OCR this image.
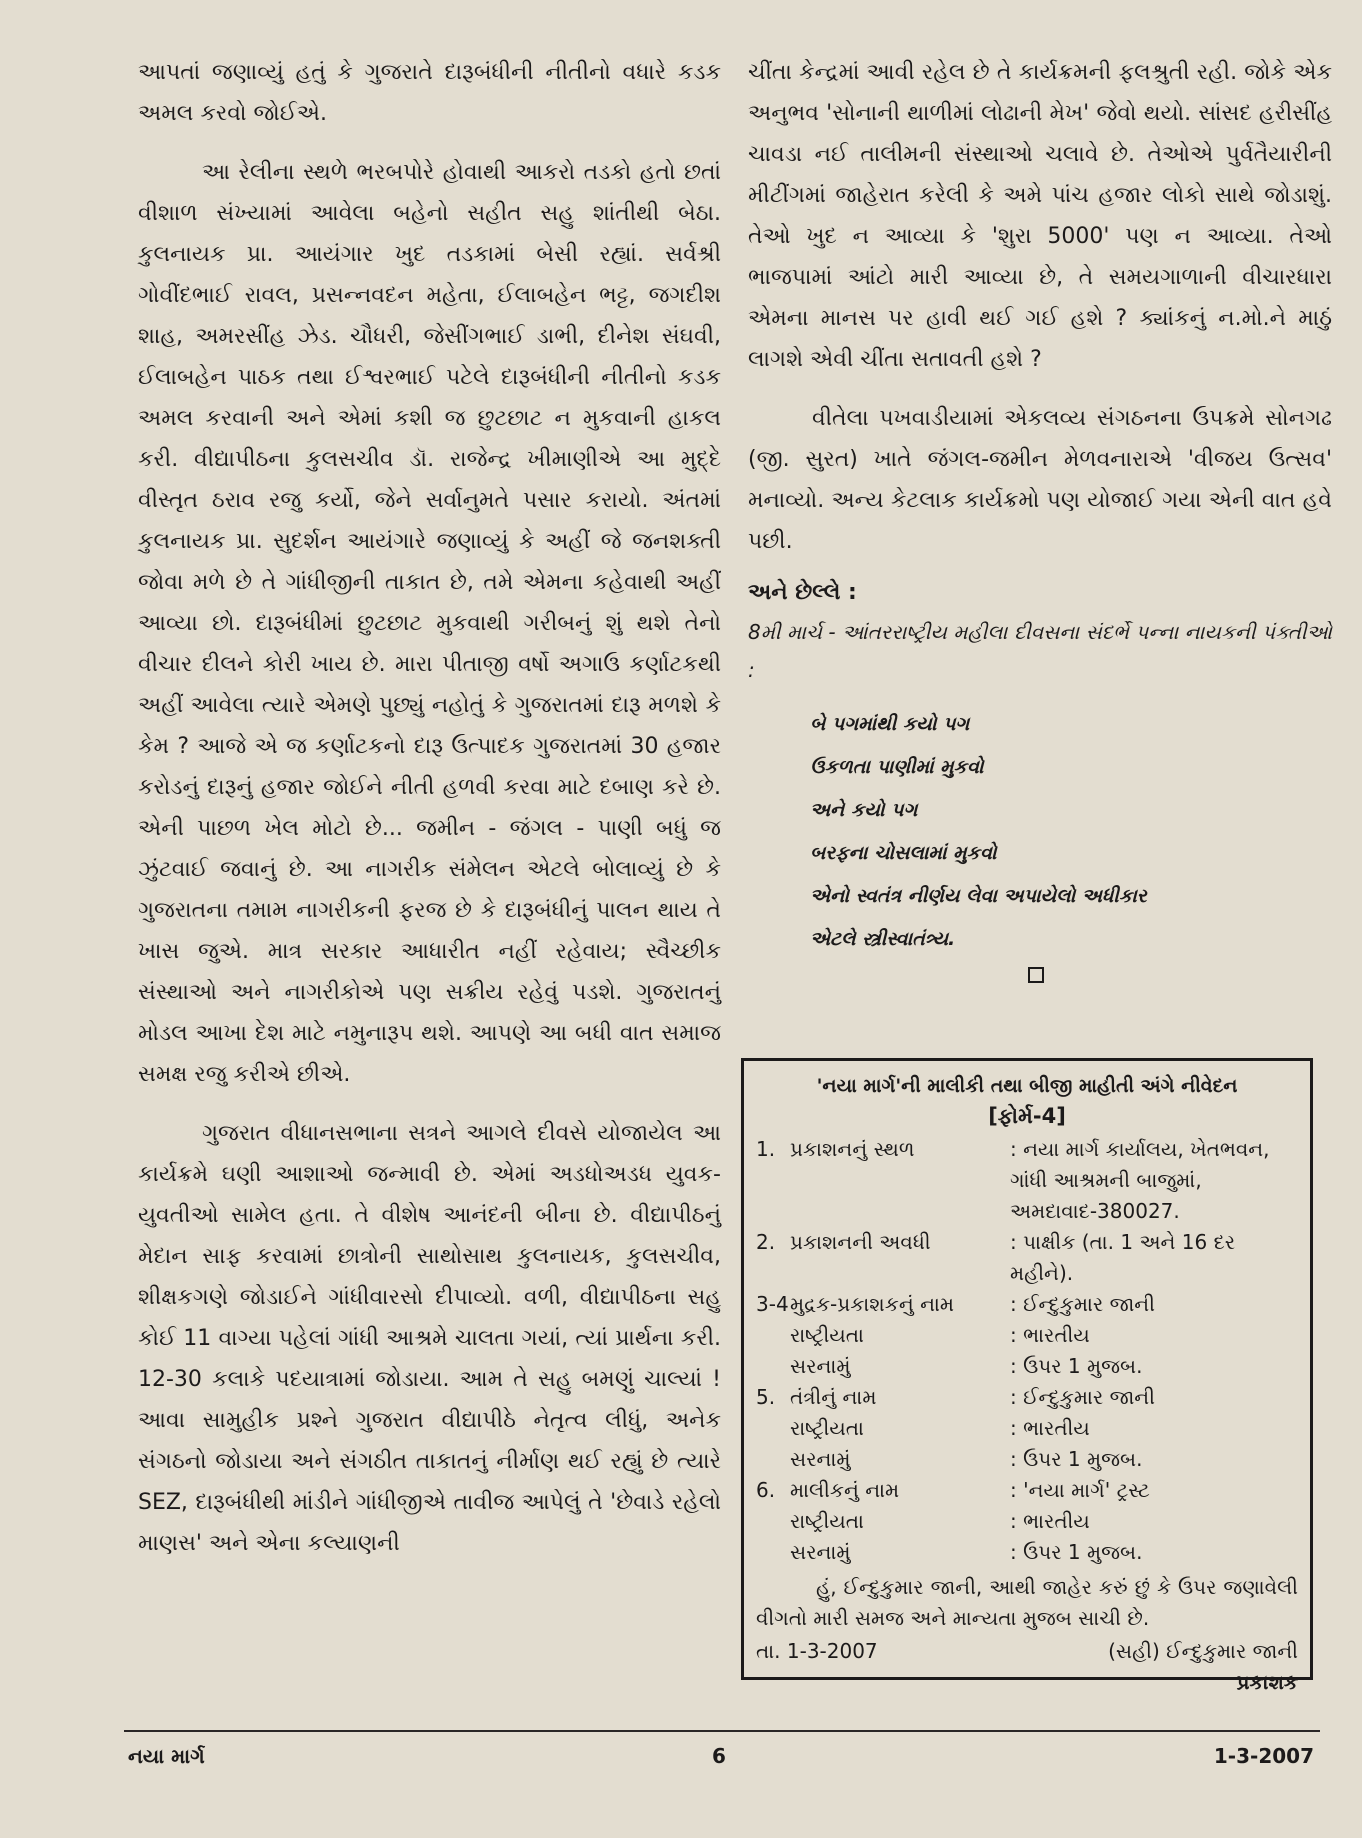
આપતાં જણાવ્યું હતું કે ગુજરાતે દારૂબંધીની નીતીનો વધારે કડક અમલ કરવો જોઈએ.

આ રેલીના સ્થળે ભરબપોરે હોવાથી આકરો તડકો હતો છતાં વીશાળ સંખ્યામાં આવેલા બહેનો સહીત સહુ શાંતીથી બેઠા. કુલનાયક પ્રા. આયંગાર ખુદ તડકામાં બેસી રહ્યાં. સર્વશ્રી ગોવીંદભાઈ રાવલ, પ્રસન્નવદન મહેતા, ઈલાબહેન ભટ્ટ, જગદીશ શાહ, અમરસીંહ ઝેડ. ચૌધરી, જેસીંગભાઈ ડાભી, દીનેશ સંઘવી, ઈલાબહેન પાઠક તથા ઈશ્વરભાઈ પટેલે દારૂબંધીની નીતીનો કડક અમલ કરવાની અને એમાં કશી જ છુટછાટ ન મુકવાની હાકલ કરી. વીદ્યાપીઠના કુલસચીવ ડૉ. રાજેન્દ્ર ખીમાણીએ આ મુદ્દે વીસ્તૃત ઠરાવ રજુ કર્યો, જેને સર્વાનુમતે પસાર કરાયો. અંતમાં કુલનાયક પ્રા. સુદર્શન આયંગારે જણાવ્યું કે અહીં જે જનશક્તી જોવા મળે છે તે ગાંધીજીની તાકાત છે, તમે એમના કહેવાથી અહીં આવ્યા છો. દારૂબંધીમાં છુટછાટ મુકવાથી ગરીબનું શું થશે તેનો વીચાર દીલને કોરી ખાય છે. મારા પીતાજી વર્ષો અગાઉ કર્ણાટકથી અહીં આવેલા ત્યારે એમણે પુછ્યું નહોતું કે ગુજરાતમાં દારૂ મળશે કે કેમ ? આજે એ જ કર્ણાટકનો દારૂ ઉત્પાદક ગુજરાતમાં 30 હજાર કરોડનું દારૂનું હજાર જોઈને નીતી હળવી કરવા માટે દબાણ કરે છે. એની પાછળ ખેલ મોટો છે... જમીન - જંગલ - પાણી બધું જ ઝુંટવાઈ જવાનું છે. આ નાગરીક સંમેલન એટલે બોલાવ્યું છે કે ગુજરાતના તમામ નાગરીકની ફરજ છે કે દારૂબંધીનું પાલન થાય તે ખાસ જુએ. માત્ર સરકાર આધારીત નહીં રહેવાય; સ્વૈચ્છીક સંસ્થાઓ અને નાગરીકોએ પણ સક્રીય રહેવું પડશે. ગુજરાતનું મોડલ આખા દેશ માટે નમુનારૂપ થશે. આપણે આ બધી વાત સમાજ સમક્ષ રજુ કરીએ છીએ.

ગુજરાત વીધાનસભાના સત્રને આગલે દીવસે યોજાયેલ આ કાર્યક્રમે ઘણી આશાઓ જન્માવી છે. એમાં અડધોઅડધ યુવક-યુવતીઓ સામેલ હતા. તે વીશેષ આનંદની બીના છે. વીદ્યાપીઠનું મેદાન સાફ કરવામાં છાત્રોની સાથોસાથ કુલનાયક, કુલસચીવ, શીક્ષકગણે જોડાઈને ગાંધીવારસો દીપાવ્યો. વળી, વીદ્યાપીઠના સહુ કોઈ 11 વાગ્યા પહેલાં ગાંધી આશ્રમે ચાલતા ગયાં, ત્યાં પ્રાર્થના કરી. 12-30 કલાકે પદયાત્રામાં જોડાયા. આમ તે સહુ બમણું ચાલ્યાં ! આવા સામુહીક પ્રશ્ને ગુજરાત વીદ્યાપીઠે નેતૃત્વ લીધું, અનેક સંગઠનો જોડાયા અને સંગઠીત તાકાતનું નીર્માણ થઈ રહ્યું છે ત્યારે SEZ, દારૂબંધીથી માંડીને ગાંધીજીએ તાવીજ આપેલું તે 'છેવાડે રહેલો માણસ' અને એના કલ્યાણની

ચીંતા કેન્દ્રમાં આવી રહેલ છે તે કાર્યક્રમની ફલશ્રુતી રહી. જોકે એક અનુભવ 'સોનાની થાળીમાં લોઢાની મેખ' જેવો થયો. સાંસદ હરીસીંહ ચાવડા નઈ તાલીમની સંસ્થાઓ ચલાવે છે. તેઓએ પુર્વતૈયારીની મીટીંગમાં જાહેરાત કરેલી કે અમે પાંચ હજાર લોકો સાથે જોડાશું. તેઓ ખુદ ન આવ્યા કે 'શુરા 5000' પણ ન આવ્યા. તેઓ ભાજપામાં આંટો મારી આવ્યા છે, તે સમયગાળાની વીચારધારા એમના માનસ પર હાવી થઈ ગઈ હશે ? ક્યાંકનું ન.મો.ને માઠું લાગશે એવી ચીંતા સતાવતી હશે ?

વીતેલા પખવાડીયામાં એકલવ્ય સંગઠનના ઉપક્રમે સોનગઢ (જી. સુરત) ખાતે જંગલ-જમીન મેળવનારાએ 'વીજય ઉત્સવ' મનાવ્યો. અન્ય કેટલાક કાર્યક્રમો પણ યોજાઈ ગયા એની વાત હવે પછી.

અને છેલ્લે :

8મી માર્ચ - આંતરરાષ્ટ્રીય મહીલા દીવસના સંદર્ભે પન્ના નાયકની પંક્તીઓ :

બે પગમાંથી કયો પગ
ઉકળતા પાણીમાં મુકવો
અને કયો પગ
બરફના ચોસલામાં મુકવો
એનો સ્વતંત્ર નીર્ણય લેવા અપાયેલો અધીકાર
એટલે સ્ત્રીસ્વાતંત્ર્ય.
'નયા માર્ગ'ની માલીકી તથા બીજી માહીતી અંગે નીવેદન
[ફોર્મ-4]
1. પ્રકાશનનું સ્થળ	: નયા માર્ગ કાર્યાલય, ખેતભવન, ગાંધી આશ્રમની બાજુમાં, અમદાવાદ-380027.
2. પ્રકાશનની અવધી	: પાક્ષીક (તા. 1 અને 16 દર મહીને).
3-4 મુદ્રક-પ્રકાશકનું નામ	: ઈન્દુકુમાર જાની
રાષ્ટ્રીયતા	: ભારતીય
સરનામું	: ઉપર 1 મુજબ.
5. તંત્રીનું નામ	: ઈન્દુકુમાર જાની
રાષ્ટ્રીયતા	: ભારતીય
સરનામું	: ઉપર 1 મુજબ.
6. માલીકનું નામ	: 'નયા માર્ગ' ટ્રસ્ટ
રાષ્ટ્રીયતા	: ભારતીય
સરનામું	: ઉપર 1 મુજબ.
હું, ઈન્દુકુમાર જાની, આથી જાહેર કરું છું કે ઉપર જણાવેલી વીગતો મારી સમજ અને માન્યતા મુજબ સાચી છે.
તા. 1-3-2007	(સહી) ઈન્દુકુમાર જાની
પ્રકાશક
નયા માર્ગ	6	1-3-2007
